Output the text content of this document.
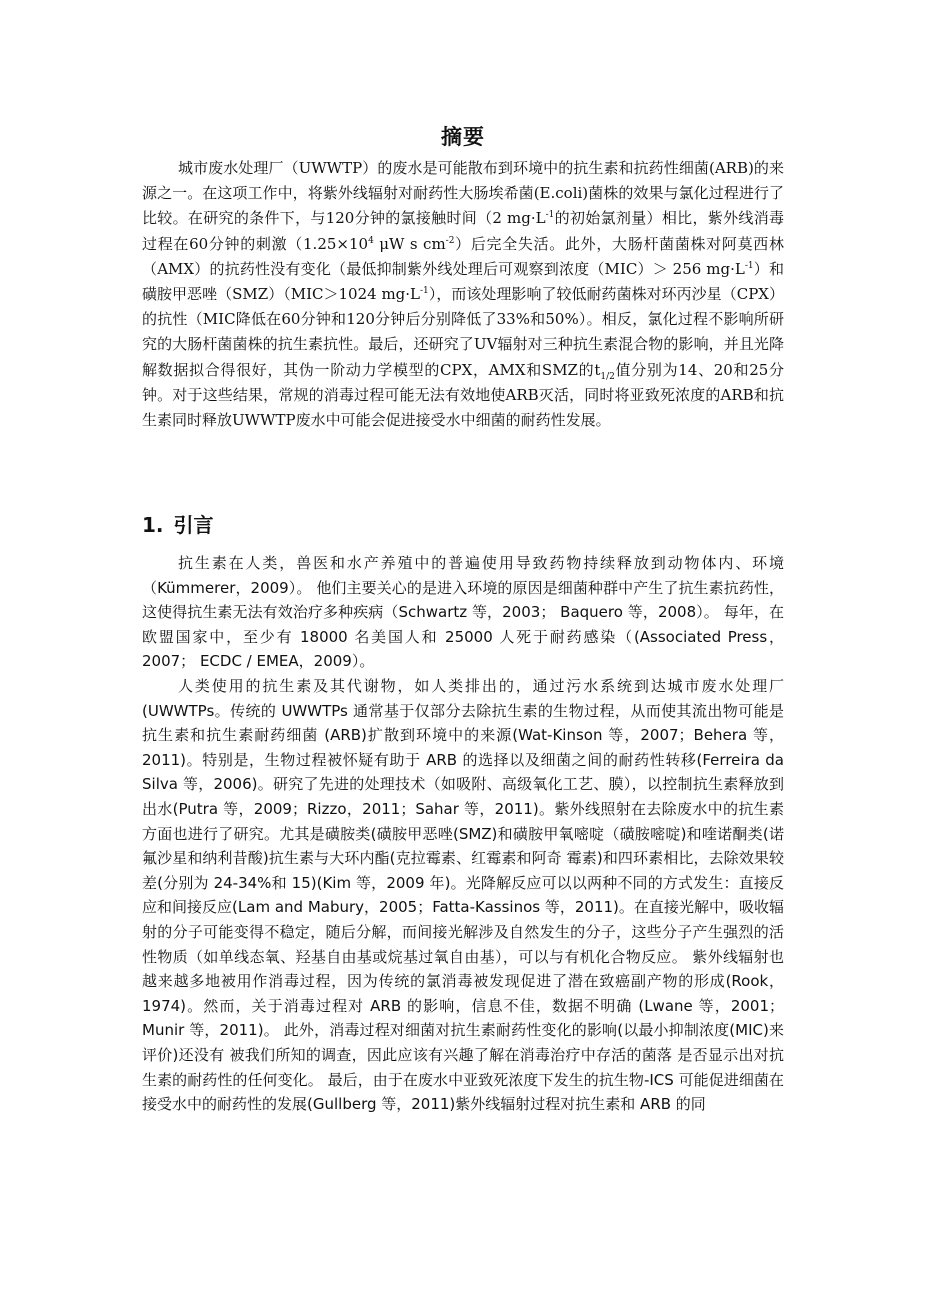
摘要

城市废水处理厂（UWWTP）的废水是可能散布到环境中的抗生素和抗药性细菌(ARB)的来源之一。在这项工作中，将紫外线辐射对耐药性大肠埃希菌(E.coli)菌株的效果与氯化过程进行了比较。在研究的条件下，与120分钟的氯接触时间（2 $mg\cdot L^{-1}$的初始氯剂量）相比，紫外线消毒过程在60分钟的刺激（$1.25\times 10^4$ μW s $cm^{-2}$）后完全失活。此外，大肠杆菌菌株对阿莫西林（AMX）的抗药性没有变化（最低抑制紫外线处理后可观察到浓度（MIC）＞ 256 $mg\cdot L^{-1}$）和磺胺甲恶唑（SMZ）（MIC＞1024 $mg\cdot L^{-1}$），而该处理影响了较低耐药菌株对环丙沙星（CPX）的抗性（MIC降低在60分钟和120分钟后分别降低了33%和50%）。相反，氯化过程不影响所研究的大肠杆菌菌株的抗生素抗性。最后，还研究了UV辐射对三种抗生素混合物的影响，并且光降解数据拟合得很好，其伪一阶动力学模型的CPX，AMX和SMZ的$t_{1/2}$值分别为14、20和25分钟。对于这些结果，常规的消毒过程可能无法有效地使ARB灭活，同时将亚致死浓度的ARB和抗生素同时释放UWWTP废水中可能会促进接受水中细菌的耐药性发展。

1. 引言

抗生素在人类，兽医和水产养殖中的普遍使用导致药物持续释放到动物体内、环境（Kümmerer，2009）。 他们主要关心的是进入环境的原因是细菌种群中产生了抗生素抗药性，这使得抗生素无法有效治疗多种疾病（Schwartz 等，2003； Baquero 等，2008）。 每年，在欧盟国家中，至少有 18000 名美国人和 25000 人死于耐药感染（(Associated Press，2007； ECDC / EMEA，2009）。

人类使用的抗生素及其代谢物，如人类排出的，通过污水系统到达城市废水处理厂(UWWTPs。传统的 UWWTPs 通常基于仅部分去除抗生素的生物过程，从而使其流出物可能是抗生素和抗生素耐药细菌 (ARB)扩散到环境中的来源(Wat-Kinson 等，2007；Behera 等，2011)。特别是，生物过程被怀疑有助于 ARB 的选择以及细菌之间的耐药性转移(Ferreira da Silva 等，2006)。研究了先进的处理技术（如吸附、高级氧化工艺、膜），以控制抗生素释放到出水(Putra 等，2009；Rizzo，2011；Sahar 等，2011)。紫外线照射在去除废水中的抗生素方面也进行了研究。尤其是磺胺类(磺胺甲恶唑(SMZ)和磺胺甲氧嘧啶（磺胺嘧啶)和喹诺酮类(诺氟沙星和纳利昔酸)抗生素与大环内酯(克拉霉素、红霉素和阿奇 霉素)和四环素相比，去除效果较差(分别为 24-34%和 15)(Kim 等，2009 年)。光降解反应可以以两种不同的方式发生：直接反应和间接反应(Lam and Mabury，2005；Fatta-Kassinos 等，2011)。在直接光解中，吸收辐射的分子可能变得不稳定，随后分解，而间接光解涉及自然发生的分子，这些分子产生强烈的活性物质（如单线态氧、羟基自由基或烷基过氧自由基），可以与有机化合物反应。 紫外线辐射也越来越多地被用作消毒过程，因为传统的氯消毒被发现促进了潜在致癌副产物的形成(Rook，1974)。然而，关于消毒过程对 ARB 的影响，信息不佳，数据不明确 (Lwane 等，2001；Munir 等，2011)。 此外，消毒过程对细菌对抗生素耐药性变化的影响(以最小抑制浓度(MIC)来评价)还没有 被我们所知的调查，因此应该有兴趣了解在消毒治疗中存活的菌落 是否显示出对抗生素的耐药性的任何变化。 最后，由于在废水中亚致死浓度下发生的抗生物-ICS 可能促进细菌在接受水中的耐药性的发展(Gullberg 等，2011)紫外线辐射过程对抗生素和 ARB 的同
